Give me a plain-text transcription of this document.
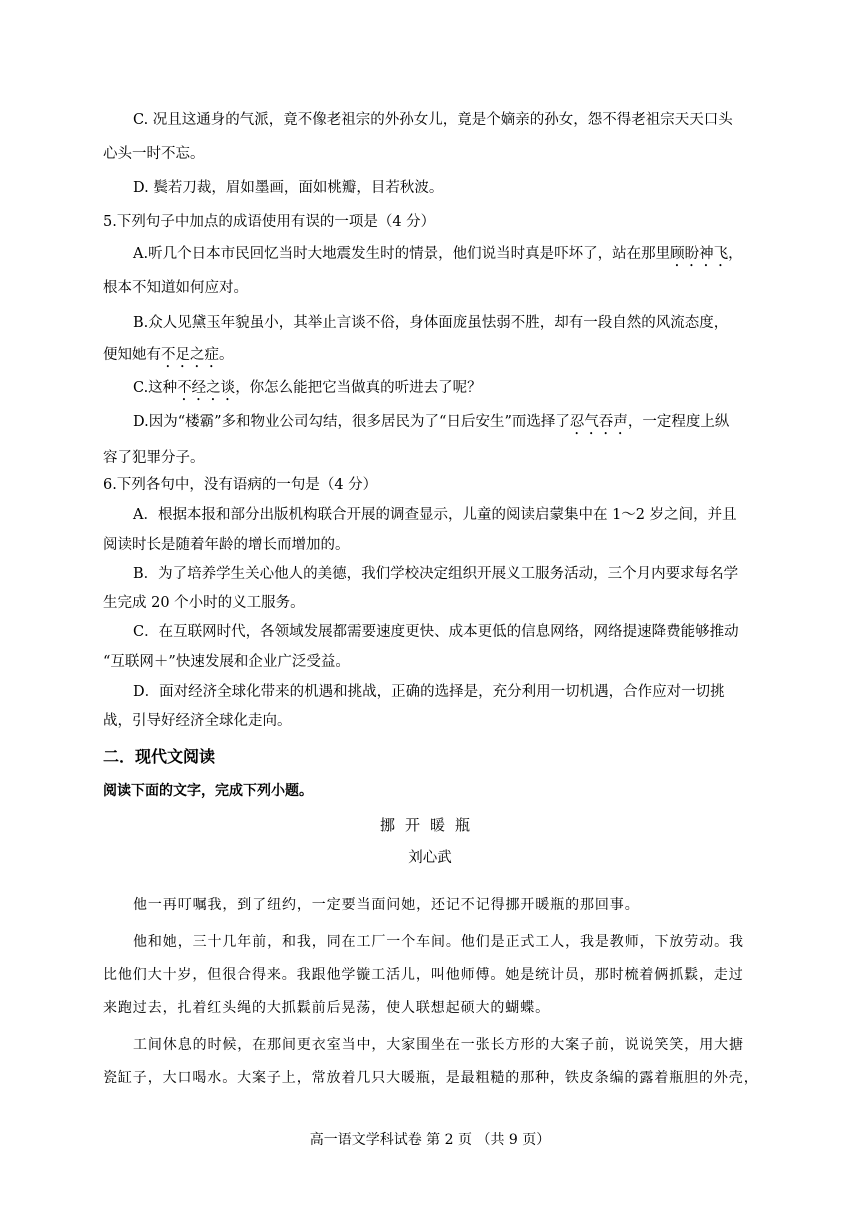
C. 况且这通身的气派，竟不像老祖宗的外孙女儿，竟是个嫡亲的孙女，怨不得老祖宗天天口头
心头一时不忘。
D. 鬓若刀裁，眉如墨画，面如桃瓣，目若秋波。
5.下列句子中加点的成语使用有误的一项是（4 分）
A.听几个日本市民回忆当时大地震发生时的情景，他们说当时真是吓坏了，站在那里顾盼神飞，
根本不知道如何应对。
B.众人见黛玉年貌虽小，其举止言谈不俗，身体面庞虽怯弱不胜，却有一段自然的风流态度，
便知她有不足之症。
C.这种不经之谈，你怎么能把它当做真的听进去了呢？
D.因为“楼霸”多和物业公司勾结，很多居民为了“日后安生”而选择了忍气吞声，一定程度上纵
容了犯罪分子。
6.下列各句中，没有语病的一句是（4 分）
A．根据本报和部分出版机构联合开展的调查显示，儿童的阅读启蒙集中在 1～2 岁之间，并且
阅读时长是随着年龄的增长而增加的。
B．为了培养学生关心他人的美德，我们学校决定组织开展义工服务活动，三个月内要求每名学
生完成 20 个小时的义工服务。
C．在互联网时代，各领域发展都需要速度更快、成本更低的信息网络，网络提速降费能够推动
“互联网＋”快速发展和企业广泛受益。
D．面对经济全球化带来的机遇和挑战，正确的选择是，充分利用一切机遇，合作应对一切挑
战，引导好经济全球化走向。
二．现代文阅读
阅读下面的文字，完成下列小题。
挪开暖瓶
刘心武
他一再叮嘱我，到了纽约，一定要当面问她，还记不记得挪开暖瓶的那回事。
他和她，三十几年前，和我，同在工厂一个车间。他们是正式工人，我是教师，下放劳动。我
比他们大十岁，但很合得来。我跟他学镟工活儿，叫他师傅。她是统计员，那时梳着俩抓鬏，走过
来跑过去，扎着红头绳的大抓鬏前后晃荡，使人联想起硕大的蝴蝶。
工间休息的时候，在那间更衣室当中，大家围坐在一张长方形的大案子前，说说笑笑，用大搪
瓷缸子，大口喝水。大案子上，常放着几只大暖瓶，是最粗糙的那种，铁皮条编的露着瓶胆的外壳，
高一语文学科试卷 第 2 页 （共 9 页）
